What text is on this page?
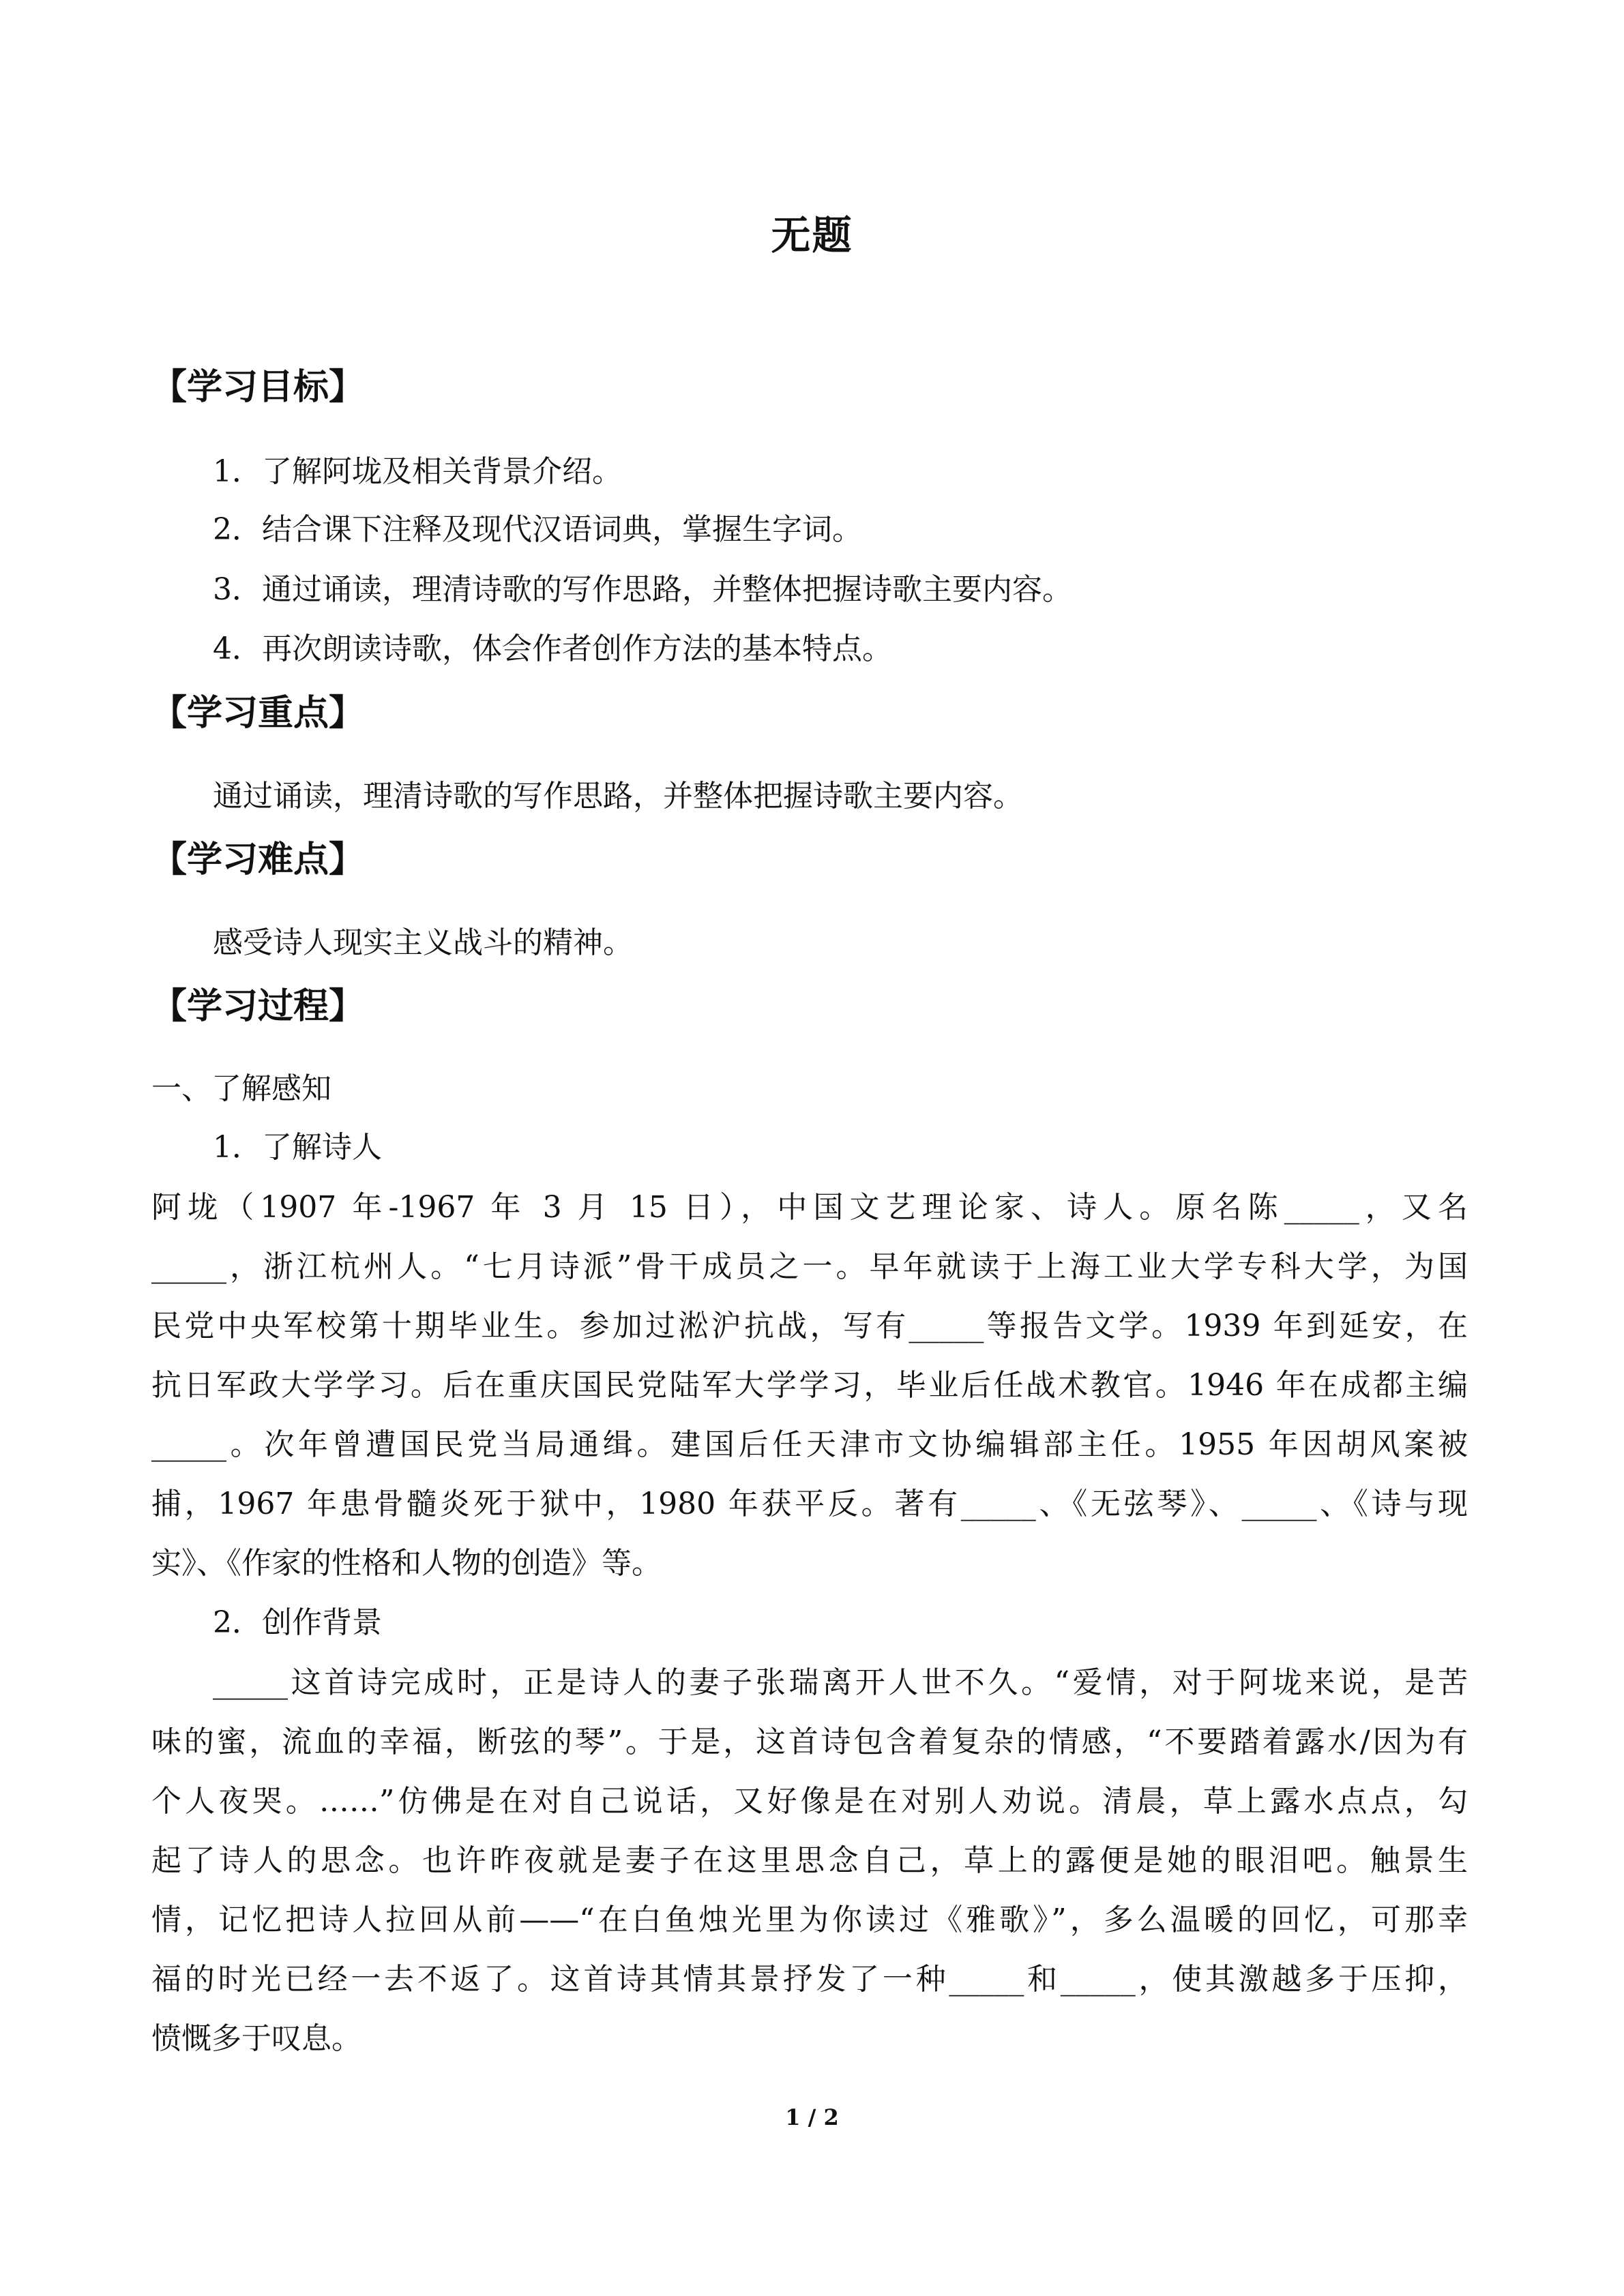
无题
【学习目标】
1．了解阿垅及相关背景介绍。
2．结合课下注释及现代汉语词典，掌握生字词。
3．通过诵读，理清诗歌的写作思路，并整体把握诗歌主要内容。
4．再次朗读诗歌，体会作者创作方法的基本特点。
【学习重点】
通过诵读，理清诗歌的写作思路，并整体把握诗歌主要内容。
【学习难点】
感受诗人现实主义战斗的精神。
【学习过程】
一、了解感知
1．了解诗人
阿垅（1907 年-1967 年 3 月 15 日），中国文艺理论家、诗人。原名陈_____，又名
_____，浙江杭州人。“七月诗派”骨干成员之一。早年就读于上海工业大学专科大学，为国
民党中央军校第十期毕业生。参加过淞沪抗战，写有_____等报告文学。1939 年到延安，在
抗日军政大学学习。后在重庆国民党陆军大学学习，毕业后任战术教官。1946 年在成都主编
_____。次年曾遭国民党当局通缉。建国后任天津市文协编辑部主任。1955 年因胡风案被
捕，1967 年患骨髓炎死于狱中，1980 年获平反。著有_____、《无弦琴》、_____、《诗与现
实》、《作家的性格和人物的创造》等。
2．创作背景
_____这首诗完成时，正是诗人的妻子张瑞离开人世不久。“爱情，对于阿垅来说，是苦
味的蜜，流血的幸福，断弦的琴”。于是，这首诗包含着复杂的情感，“不要踏着露水/因为有
个人夜哭。……”仿佛是在对自己说话，又好像是在对别人劝说。清晨，草上露水点点，勾
起了诗人的思念。也许昨夜就是妻子在这里思念自己，草上的露便是她的眼泪吧。触景生
情，记忆把诗人拉回从前——“在白鱼烛光里为你读过《雅歌》”，多么温暖的回忆，可那幸
福的时光已经一去不返了。这首诗其情其景抒发了一种_____和_____，使其激越多于压抑，
愤慨多于叹息。
1 / 2
